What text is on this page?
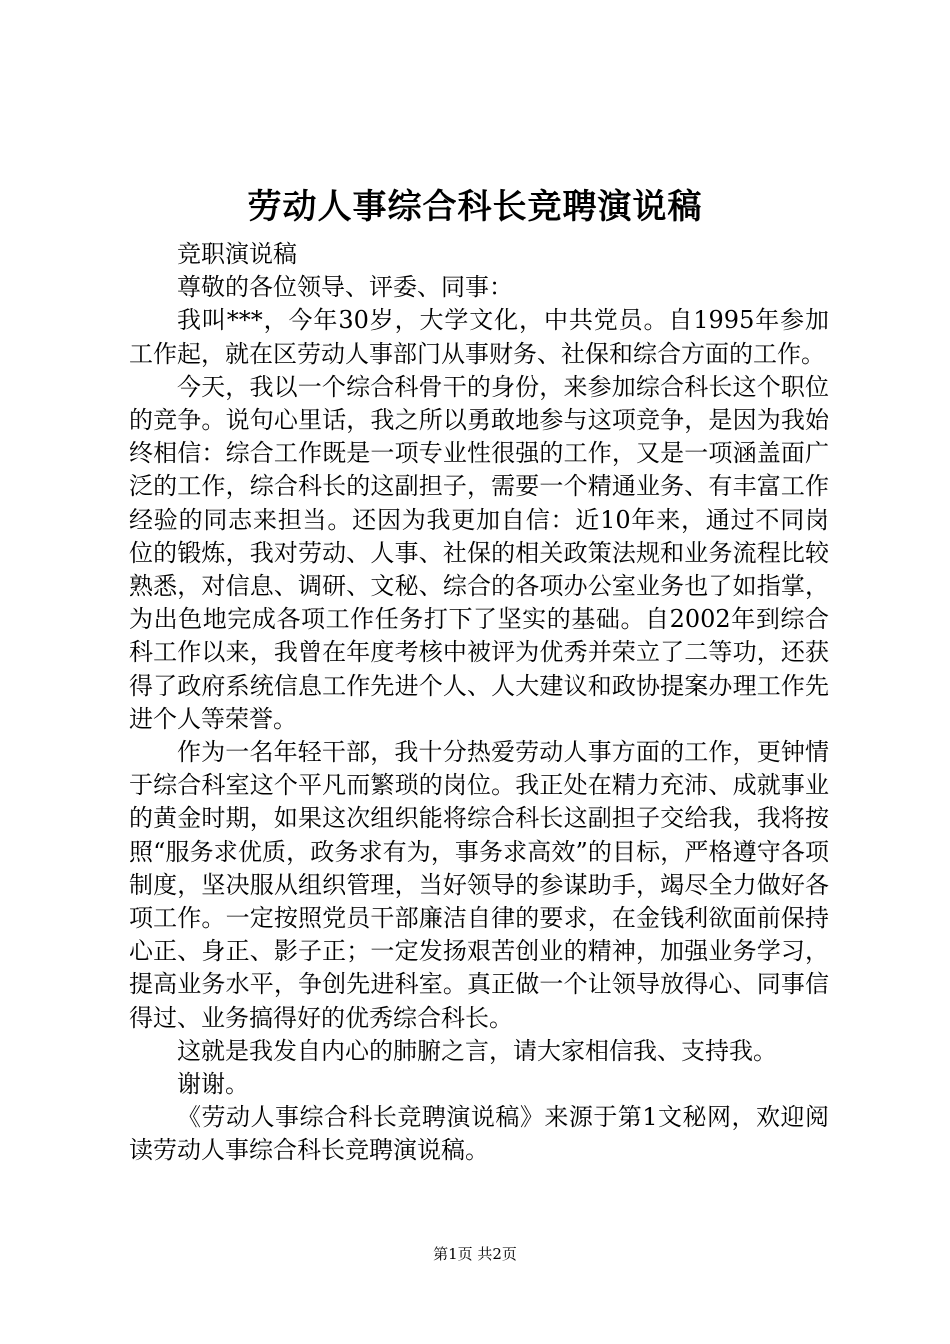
劳动人事综合科长竞聘演说稿

竞职演说稿

尊敬的各位领导、评委、同事：

我叫***，今年30岁，大学文化，中共党员。自1995年参加工作起，就在区劳动人事部门从事财务、社保和综合方面的工作。

今天，我以一个综合科骨干的身份，来参加综合科长这个职位的竞争。说句心里话，我之所以勇敢地参与这项竞争，是因为我始终相信：综合工作既是一项专业性很强的工作，又是一项涵盖面广泛的工作，综合科长的这副担子，需要一个精通业务、有丰富工作经验的同志来担当。还因为我更加自信：近10年来，通过不同岗位的锻炼，我对劳动、人事、社保的相关政策法规和业务流程比较熟悉，对信息、调研、文秘、综合的各项办公室业务也了如指掌，为出色地完成各项工作任务打下了坚实的基础。自2002年到综合科工作以来，我曾在年度考核中被评为优秀并荣立了二等功，还获得了政府系统信息工作先进个人、人大建议和政协提案办理工作先进个人等荣誉。

作为一名年轻干部，我十分热爱劳动人事方面的工作，更钟情于综合科室这个平凡而繁琐的岗位。我正处在精力充沛、成就事业的黄金时期，如果这次组织能将综合科长这副担子交给我，我将按照“服务求优质，政务求有为，事务求高效”的目标，严格遵守各项制度，坚决服从组织管理，当好领导的参谋助手，竭尽全力做好各项工作。一定按照党员干部廉洁自律的要求，在金钱利欲面前保持心正、身正、影子正；一定发扬艰苦创业的精神，加强业务学习，提高业务水平，争创先进科室。真正做一个让领导放得心、同事信得过、业务搞得好的优秀综合科长。

这就是我发自内心的肺腑之言，请大家相信我、支持我。

谢谢。

《劳动人事综合科长竞聘演说稿》来源于第1文秘网，欢迎阅读劳动人事综合科长竞聘演说稿。

第1页 共2页
